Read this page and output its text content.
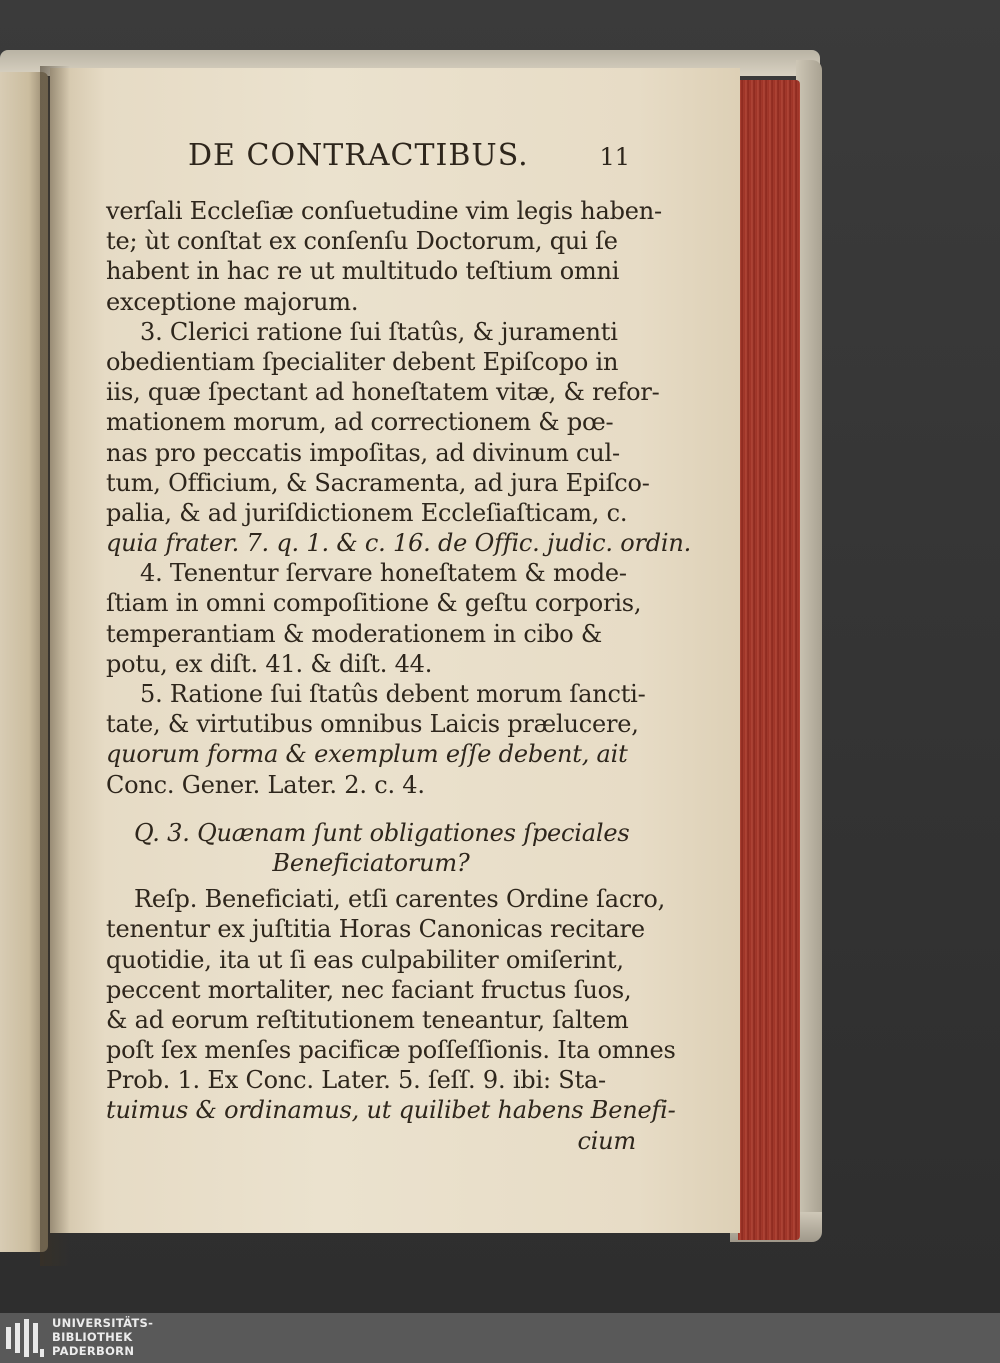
DE CONTRACTIBUS.	11
verſali Eccleſiæ conſuetudine vim legis haben-
te; ùt conſtat ex conſenſu Doctorum, qui ſe
habent in hac re ut multitudo teſtium omni
exceptione majorum.
3. Clerici ratione ſui ſtatûs, & juramenti
obedientiam ſpecialiter debent Epiſcopo in
iis, quæ ſpectant ad honeſtatem vitæ, & refor-
mationem morum, ad correctionem & pœ-
nas pro peccatis impoſitas, ad divinum cul-
tum, Officium, & Sacramenta, ad jura Epiſco-
palia, & ad juriſdictionem Eccleſiaſticam, c.
quia frater. 7. q. 1. & c. 16. de Offic. judic. ordin.
4. Tenentur ſervare honeſtatem & mode-
ſtiam in omni compoſitione & geſtu corporis,
temperantiam & moderationem in cibo &
potu, ex diſt. 41. & diſt. 44.
5. Ratione ſui ſtatûs debent morum ſancti-
tate, & virtutibus omnibus Laicis prælucere,
quorum forma & exemplum eſſe debent, ait
Conc. Gener. Later. 2. c. 4.
Q. 3. Quænam ſunt obligationes ſpeciales
Beneficiatorum?
Reſp. Beneficiati, etſi carentes Ordine ſacro,
tenentur ex juſtitia Horas Canonicas recitare
quotidie, ita ut ſi eas culpabiliter omiſerint,
peccent mortaliter, nec faciant fructus ſuos,
& ad eorum reſtitutionem teneantur, ſaltem
poſt ſex menſes pacificæ poſſeſſionis. Ita omnes
Prob. 1. Ex Conc. Later. 5. ſeſſ. 9. ibi: Sta-
tuimus & ordinamus, ut quilibet habens Benefi-
cium
UNIVERSITÄTS-
BIBLIOTHEK
PADERBORN
